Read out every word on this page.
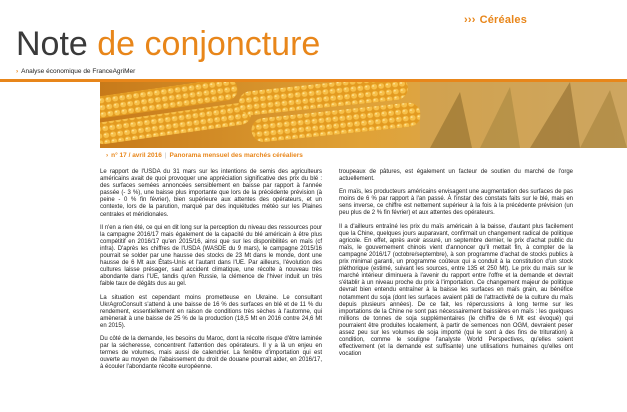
››› Céréales
Note de conjoncture
› Analyse économique de FranceAgriMer
› n° 17 / avril 2016 | Panorama mensuel des marchés céréaliers

Le rapport de l'USDA du 31 mars sur les intentions de semis des agriculteurs américains avait de quoi provoquer une appréciation significative des prix du blé : des surfaces semées annoncées sensiblement en baisse par rapport à l'année passée (- 3 %), une baisse plus importante que lors de la précédente prévision (à peine - 0 % fin février), bien supérieure aux attentes des opérateurs, et un contexte, lors de la parution, marqué par des inquiétudes météo sur les Plaines centrales et méridionales.

Il n'en a rien été, ce qui en dit long sur la perception du niveau des ressources pour la campagne 2016/17 mais également de la capacité du blé américain à être plus compétitif en 2016/17 qu'en 2015/16, ainsi que sur les disponibilités en maïs (cf infra). D'après les chiffres de l'USDA (WASDE du 9 mars), le campagne 2015/16 pourrait se solder par une hausse des stocks de 23 Mt dans le monde, dont une hausse de 6 Mt aux États-Unis et l'autant dans l'UE. Par ailleurs, l'évolution des cultures laisse présager, sauf accident climatique, une récolte à nouveau très abondante dans l'UE, tandis qu'en Russie, la clémence de l'hiver induit un très faible taux de dégâts dus au gel.

La situation est cependant moins prometteuse en Ukraine. Le consultant UkrAgroConsult s'attend à une baisse de 16 % des surfaces en blé et de 11 % du rendement, essentiellement en raison de conditions très sèches à l'automne, qui amènerait à une baisse de 25 % de la production (18,5 Mt en 2016 contre 24,6 Mt en 2015).

Du côté de la demande, les besoins du Maroc, dont la récolte risque d'être laminée par la sécheresse, concentrent l'attention des opérateurs. Il y a là un enjeu en termes de volumes, mais aussi de calendrier. La fenêtre d'importation qui est ouverte au moyen de l'abaissement du droit de douane pourrait aider, en 2016/17, à écouler l'abondante récolte européenne.

troupeaux de pâtures, est également un facteur de soutien du marché de l'orge actuellement.

En maïs, les producteurs américains envisagent une augmentation des surfaces de pas moins de 6 % par rapport à l'an passé. À l'instar des constats faits sur le blé, mais en sens inverse, ce chiffre est nettement supérieur à la fois à la précédente prévision (un peu plus de 2 % fin février) et aux attentes des opérateurs.

Il a d'ailleurs entraîné les prix du maïs américain à la baisse, d'autant plus facilement que la Chine, quelques jours auparavant, confirmait un changement radical de politique agricole. En effet, après avoir assuré, un septembre dernier, le prix d'achat public du maïs, le gouvernement chinois vient d'annoncer qu'il mettait fin, à compter de la campagne 2016/17 (octobre/septembre), à son programme d'achat de stocks publics à prix minimal garanti, un programme coûteux qui a conduit à la constitution d'un stock pléthorique (estimé, suivant les sources, entre 135 et 250 Mt). Le prix du maïs sur le marché intérieur diminuera à l'avenir du rapport entre l'offre et la demande et devrait s'établir à un niveau proche du prix à l'importation. Ce changement majeur de politique devrait bien entendu entraîner à la baisse les surfaces en maïs grain, au bénéfice notamment du soja (dont les surfaces avaient pâti de l'attractivité de la culture du maïs depuis plusieurs années). De ce fait, les répercussions à long terme sur les importations de la Chine ne sont pas nécessairement baissières en maïs : les quelques millions de tonnes de soja supplémentaires (le chiffre de 6 Mt est évoqué) qui pourraient être produites localement, à partir de semences non OGM, devraient peser assez peu sur les volumes de soja importé (qui le sont à des fins de trituration) à condition, comme le souligne l'analyste World Perspectives, qu'elles soient effectivement (et la demande est suffisante) une utilisations humaines qu'elles ont vocation
